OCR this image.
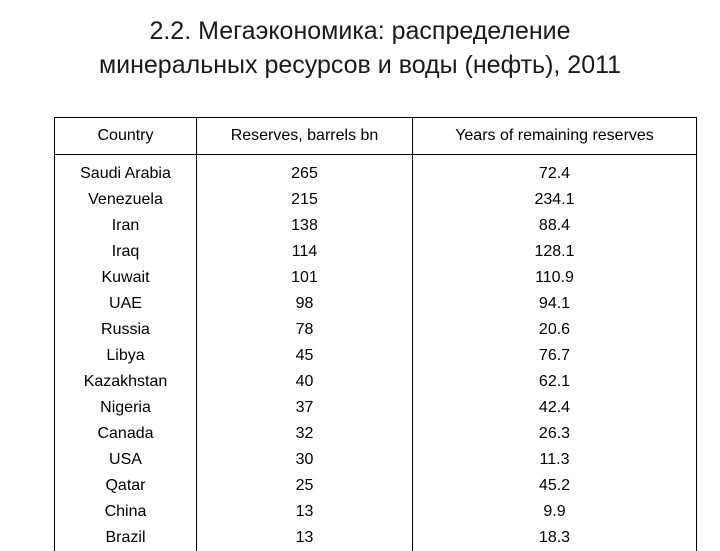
2.2. Мегаэкономика: распределение
минеральных ресурсов и воды (нефть), 2011
Country	Reserves, barrels bn	Years of remaining reserves
Saudi Arabia	265	72.4
Venezuela	215	234.1
Iran	138	88.4
Iraq	114	128.1
Kuwait	101	110.9
UAE	98	94.1
Russia	78	20.6
Libya	45	76.7
Kazakhstan	40	62.1
Nigeria	37	42.4
Canada	32	26.3
USA	30	11.3
Qatar	25	45.2
China	13	9.9
Brazil	13	18.3
